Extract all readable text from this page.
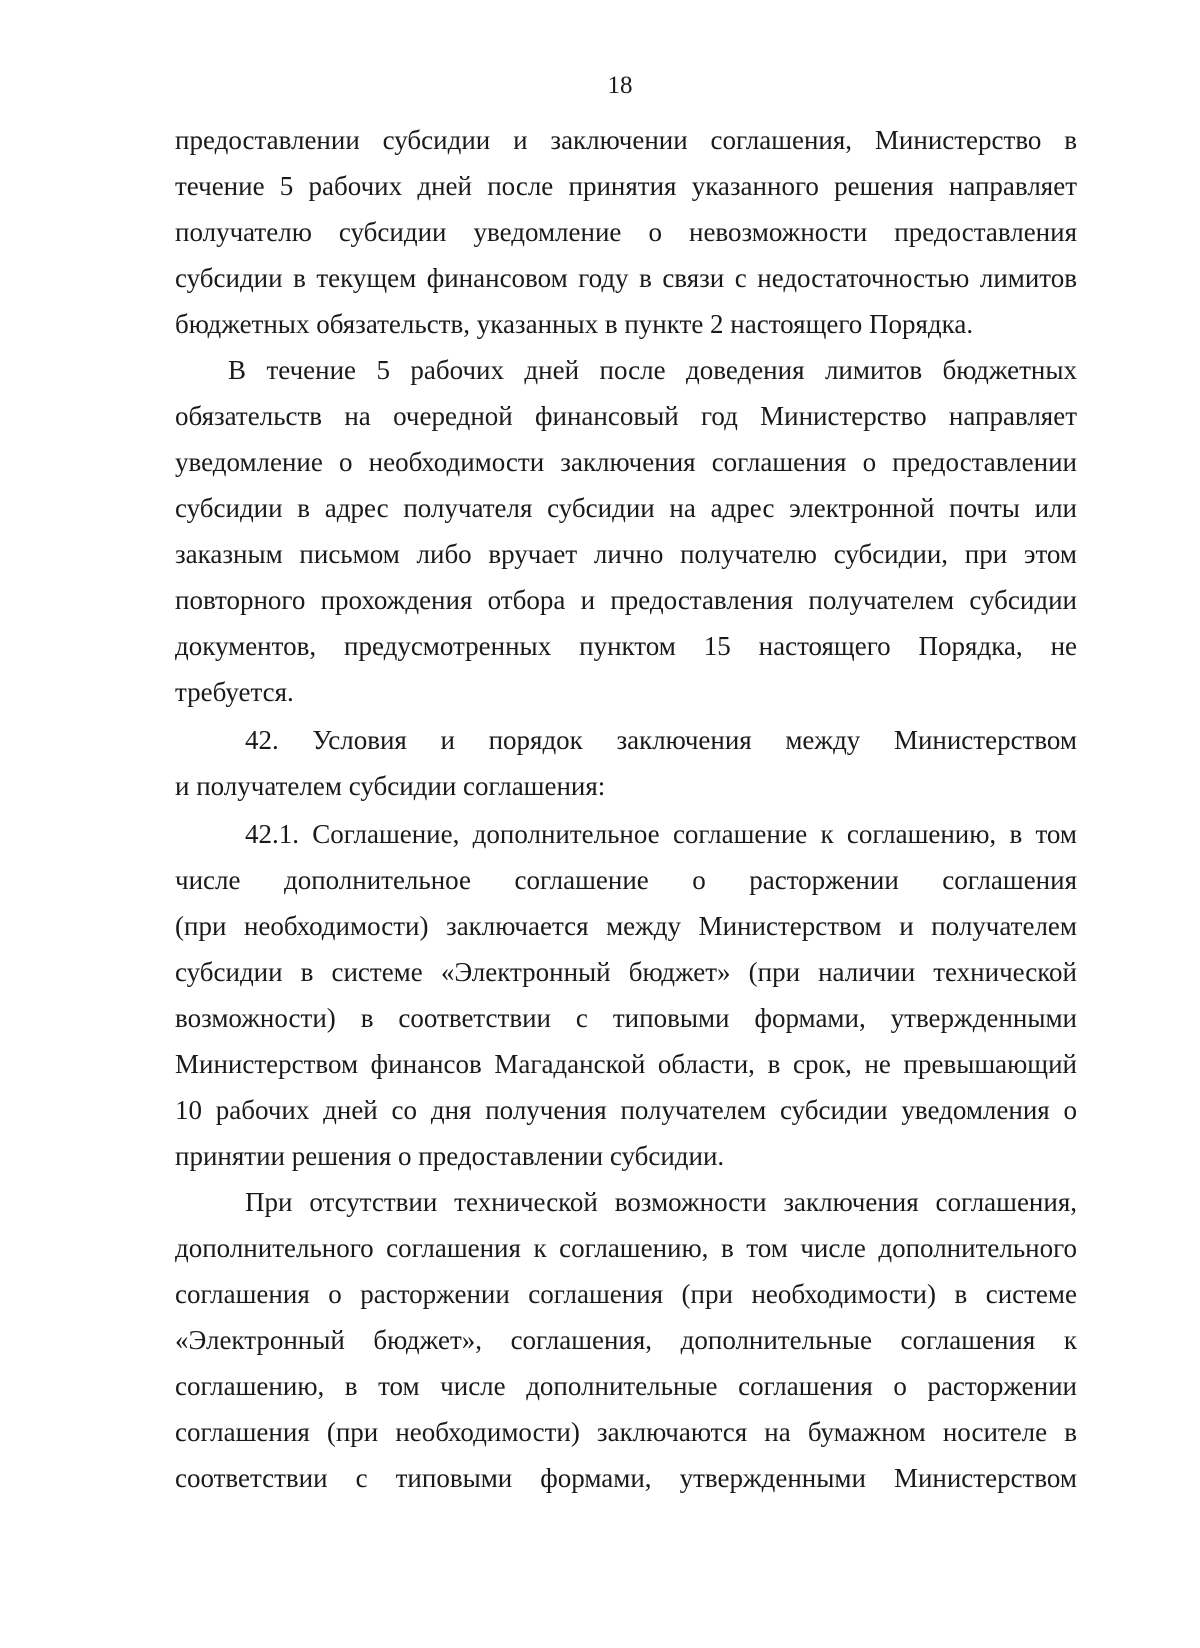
18
предоставлении субсидии и заключении соглашения, Министерство в
течение 5 рабочих дней после принятия указанного решения направляет
получателю субсидии уведомление о невозможности предоставления
субсидии в текущем финансовом году в связи с недостаточностью лимитов
бюджетных обязательств, указанных в пункте 2 настоящего Порядка.
В течение 5 рабочих дней после доведения лимитов бюджетных
обязательств на очередной финансовый год Министерство направляет
уведомление о необходимости заключения соглашения о предоставлении
субсидии в адрес получателя субсидии на адрес электронной почты или
заказным письмом либо вручает лично получателю субсидии, при этом
повторного прохождения отбора и предоставления получателем субсидии
документов, предусмотренных пунктом 15 настоящего Порядка, не
требуется.
42. Условия и порядок заключения между Министерством
и получателем субсидии соглашения:
42.1. Соглашение, дополнительное соглашение к соглашению, в том
числе дополнительное соглашение о расторжении соглашения
(при необходимости) заключается между Министерством и получателем
субсидии в системе «Электронный бюджет» (при наличии технической
возможности) в соответствии с типовыми формами, утвержденными
Министерством финансов Магаданской области, в срок, не превышающий
10 рабочих дней со дня получения получателем субсидии уведомления о
принятии решения о предоставлении субсидии.
При отсутствии технической возможности заключения соглашения,
дополнительного соглашения к соглашению, в том числе дополнительного
соглашения о расторжении соглашения (при необходимости) в системе
«Электронный бюджет», соглашения, дополнительные соглашения к
соглашению, в том числе дополнительные соглашения о расторжении
соглашения (при необходимости) заключаются на бумажном носителе в
соответствии с типовыми формами, утвержденными Министерством
